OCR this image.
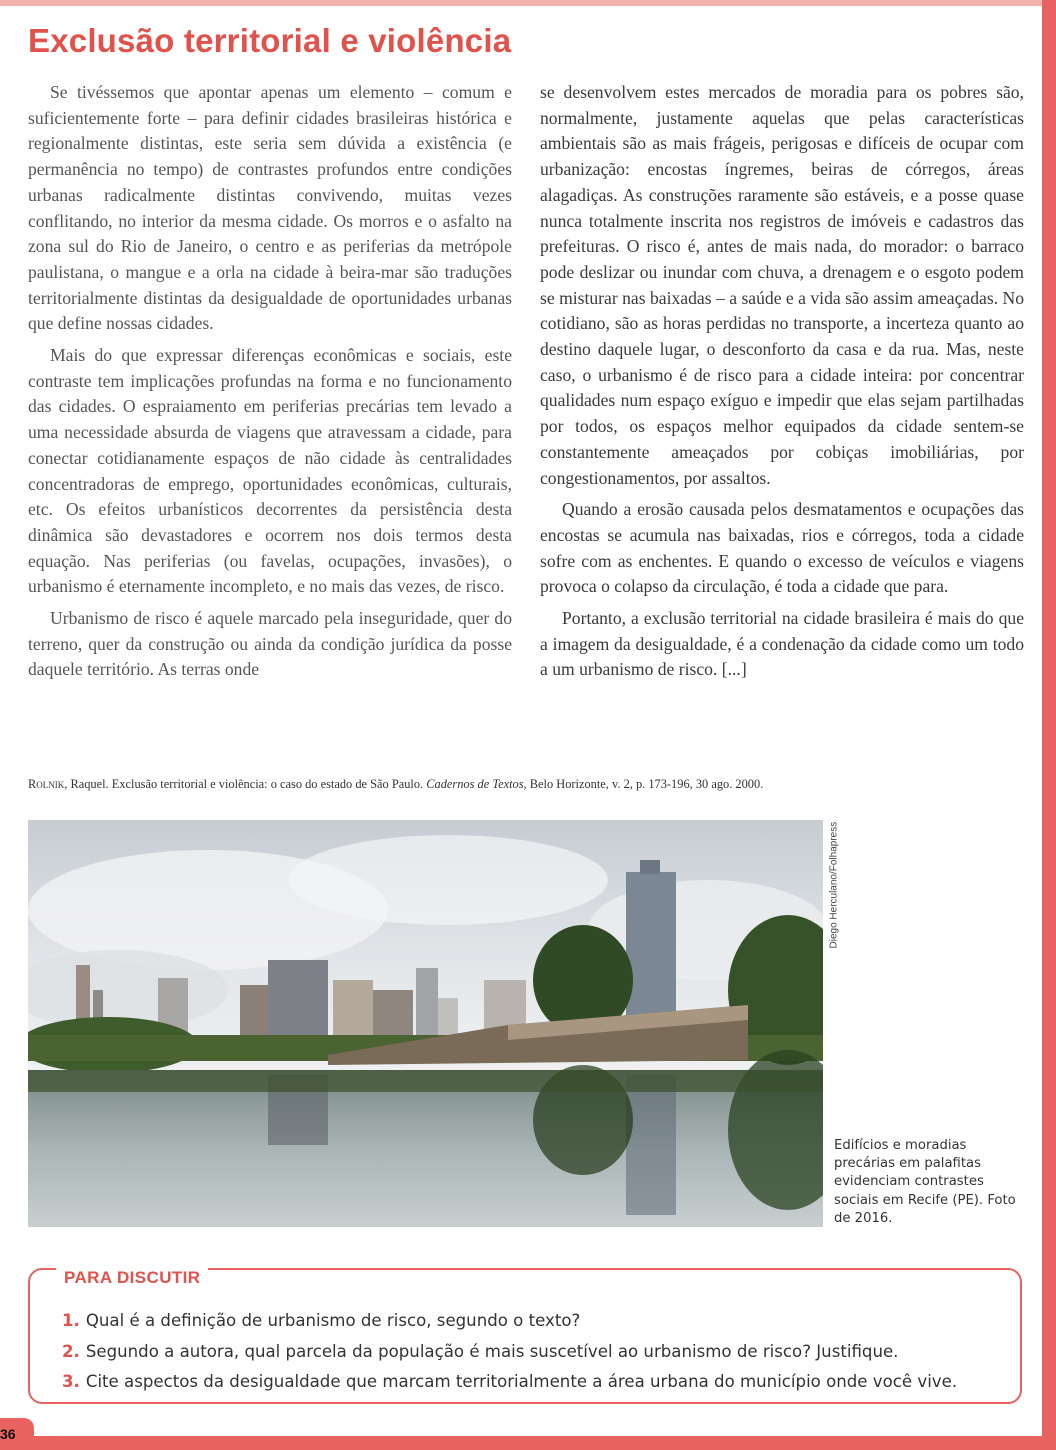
36
Exclusão territorial e violência

Se tivéssemos que apontar apenas um elemento – comum e suficientemente forte – para definir cidades brasileiras histórica e regionalmente distintas, este seria sem dúvida a existência (e permanência no tempo) de contrastes profundos entre condições urbanas radicalmente distintas convivendo, muitas vezes conflitando, no interior da mesma cidade. Os morros e o asfalto na zona sul do Rio de Janeiro, o centro e as periferias da metrópole paulistana, o mangue e a orla na cidade à beira-mar são traduções territorialmente distintas da desigualdade de oportunidades urbanas que define nossas cidades.

Mais do que expressar diferenças econômicas e sociais, este contraste tem implicações profundas na forma e no funcionamento das cidades. O espraiamento em periferias precárias tem levado a uma necessidade absurda de viagens que atravessam a cidade, para conectar cotidianamente espaços de não cidade às centralidades concentradoras de emprego, oportunidades econômicas, culturais, etc. Os efeitos urbanísticos decorrentes da persistência desta dinâmica são devastadores e ocorrem nos dois termos desta equação. Nas periferias (ou favelas, ocupações, invasões), o urbanismo é eternamente incompleto, e no mais das vezes, de risco.

Urbanismo de risco é aquele marcado pela inseguridade, quer do terreno, quer da construção ou ainda da condição jurídica da posse daquele território. As terras onde

se desenvolvem estes mercados de moradia para os pobres são, normalmente, justamente aquelas que pelas características ambientais são as mais frágeis, perigosas e difíceis de ocupar com urbanização: encostas íngremes, beiras de córregos, áreas alagadiças. As construções raramente são estáveis, e a posse quase nunca totalmente inscrita nos registros de imóveis e cadastros das prefeituras. O risco é, antes de mais nada, do morador: o barraco pode deslizar ou inundar com chuva, a drenagem e o esgoto podem se misturar nas baixadas – a saúde e a vida são assim ameaçadas. No cotidiano, são as horas perdidas no transporte, a incerteza quanto ao destino daquele lugar, o desconforto da casa e da rua. Mas, neste caso, o urbanismo é de risco para a cidade inteira: por concentrar qualidades num espaço exíguo e impedir que elas sejam partilhadas por todos, os espaços melhor equipados da cidade sentem-se constantemente ameaçados por cobiças imobiliárias, por congestionamentos, por assaltos.

Quando a erosão causada pelos desmatamentos e ocupações das encostas se acumula nas baixadas, rios e córregos, toda a cidade sofre com as enchentes. E quando o excesso de veículos e viagens provoca o colapso da circulação, é toda a cidade que para.

Portanto, a exclusão territorial na cidade brasileira é mais do que a imagem da desigualdade, é a condenação da cidade como um todo a um urbanismo de risco. [...]

Rolnik, Raquel. Exclusão territorial e violência: o caso do estado de São Paulo. Cadernos de Textos, Belo Horizonte, v. 2, p. 173-196, 30 ago. 2000.
Diego Herculano/Folhapress
Edifícios e moradias precárias em palafitas evidenciam contrastes sociais em Recife (PE). Foto de 2016.
PARA DISCUTIR
1. Qual é a definição de urbanismo de risco, segundo o texto?
2. Segundo a autora, qual parcela da população é mais suscetível ao urbanismo de risco? Justifique.
3. Cite aspectos da desigualdade que marcam territorialmente a área urbana do município onde você vive.
